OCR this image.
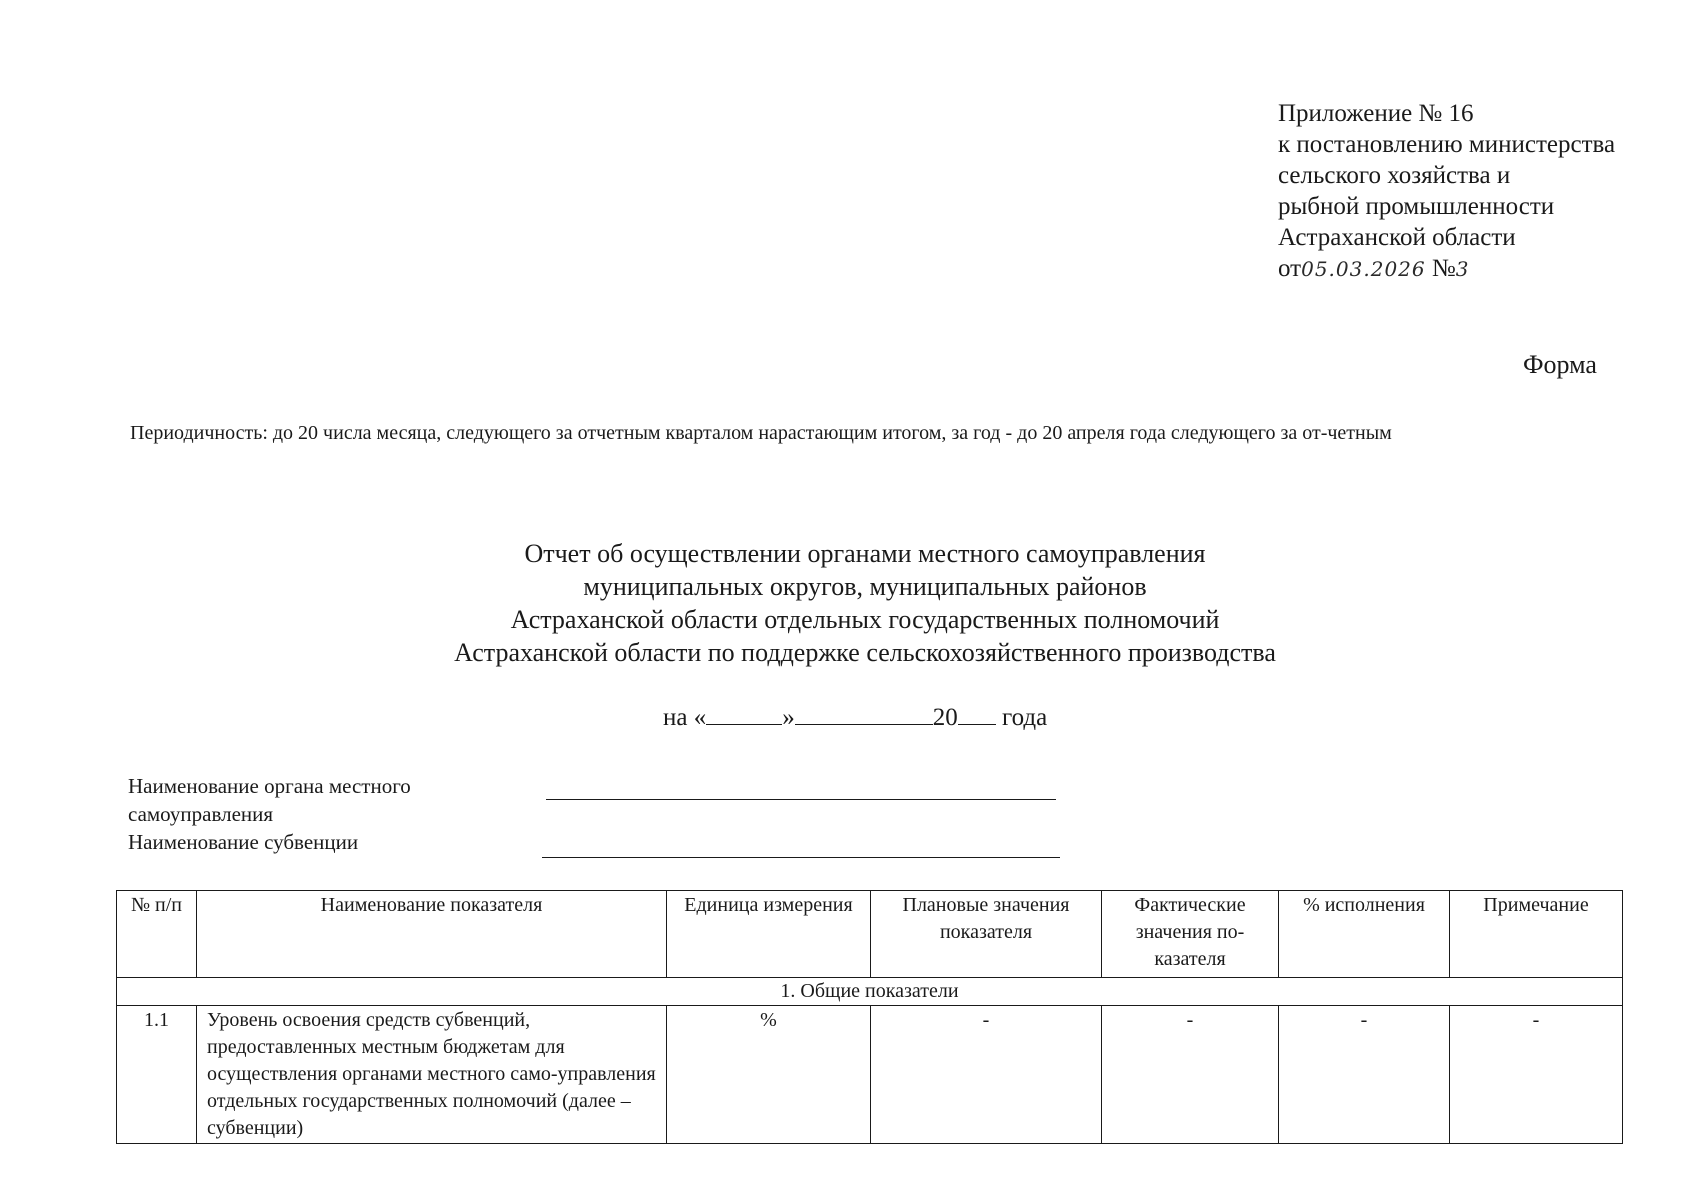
Приложение № 16
к постановлению министерства
сельского хозяйства и
рыбной промышленности
Астраханской области
от05.03.2026 №3
Форма
Периодичность: до 20 числа месяца, следующего за отчетным кварталом нарастающим итогом, за год - до 20 апреля года следующего за от-четным
Отчет об осуществлении органами местного самоуправления
муниципальных округов, муниципальных районов
Астраханской области отдельных государственных полномочий
Астраханской области по поддержке сельскохозяйственного производства
на «	»	20 года
Наименование органа местного
самоуправления
Наименование субвенции
№ п/п	Наименование показателя	Единица измерения	Плановые значения показателя	Фактические значения по-казателя	% исполнения	Примечание
1. Общие показатели						
1.1	Уровень освоения средств субвенций, предоставленных местным бюджетам для осуществления органами местного само-управления отдельных государственных полномочий (далее – субвенции)	%	-	-	-	-
